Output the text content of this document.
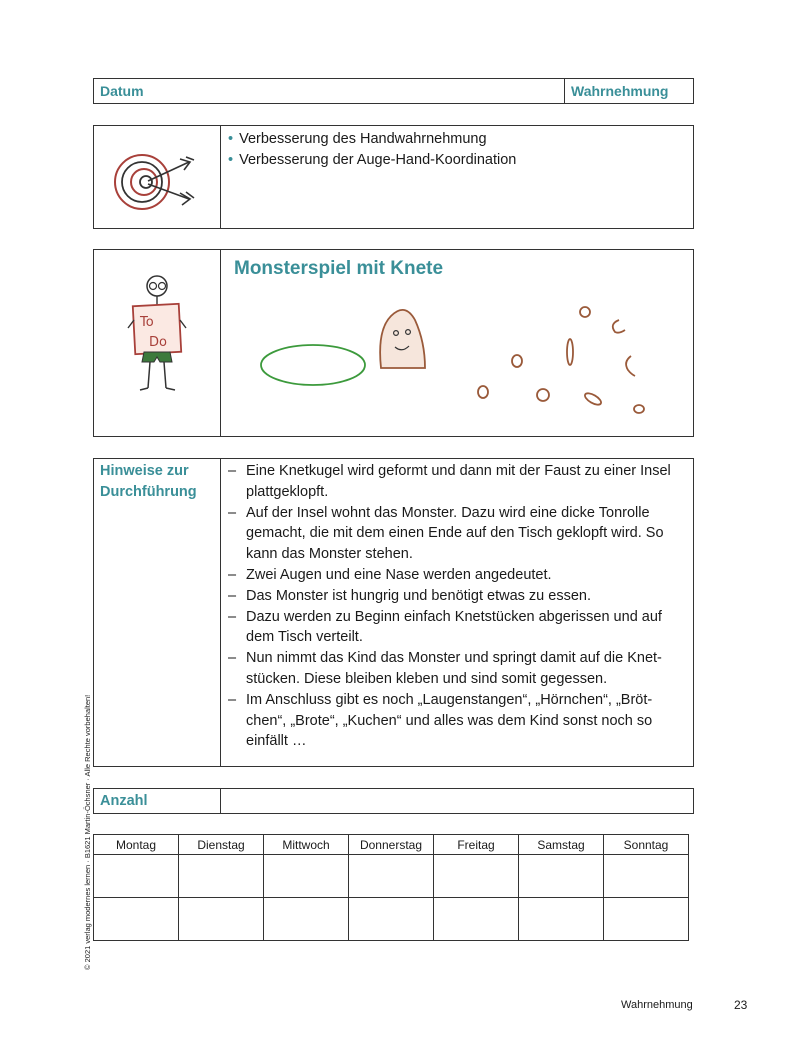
Datum	Wahrnehmung
• Verbesserung des Handwahrnehmung
• Verbesserung der Auge-Hand-Koordination
To
Do
Monsterspiel mit Knete
Hinweise zur Durchführung
– Eine Knetkugel wird geformt und dann mit der Faust zu einer Insel plattgeklopft.
– Auf der Insel wohnt das Monster. Dazu wird eine dicke Tonrolle gemacht, die mit dem einen Ende auf den Tisch geklopft wird. So kann das Monster stehen.
– Zwei Augen und eine Nase werden angedeutet.
– Das Monster ist hungrig und benötigt etwas zu essen.
– Dazu werden zu Beginn einfach Knetstücken abgerissen und auf dem Tisch verteilt.
– Nun nimmt das Kind das Monster und springt damit auf die Knet-stücken. Diese bleiben kleben und sind somit gegessen.
– Im Anschluss gibt es noch „Laugenstangen“, „Hörnchen“, „Bröt-chen“, „Brote“, „Kuchen“ und alles was dem Kind sonst noch so einfällt …
Anzahl
Montag	Dienstag	Mittwoch	Donnerstag	Freitag	Samstag	Sonntag

© 2021 verlag modernes lernen · B1621 Martin-Öchsner · Alle Rechte vorbehalten!
Wahrnehmung	23
